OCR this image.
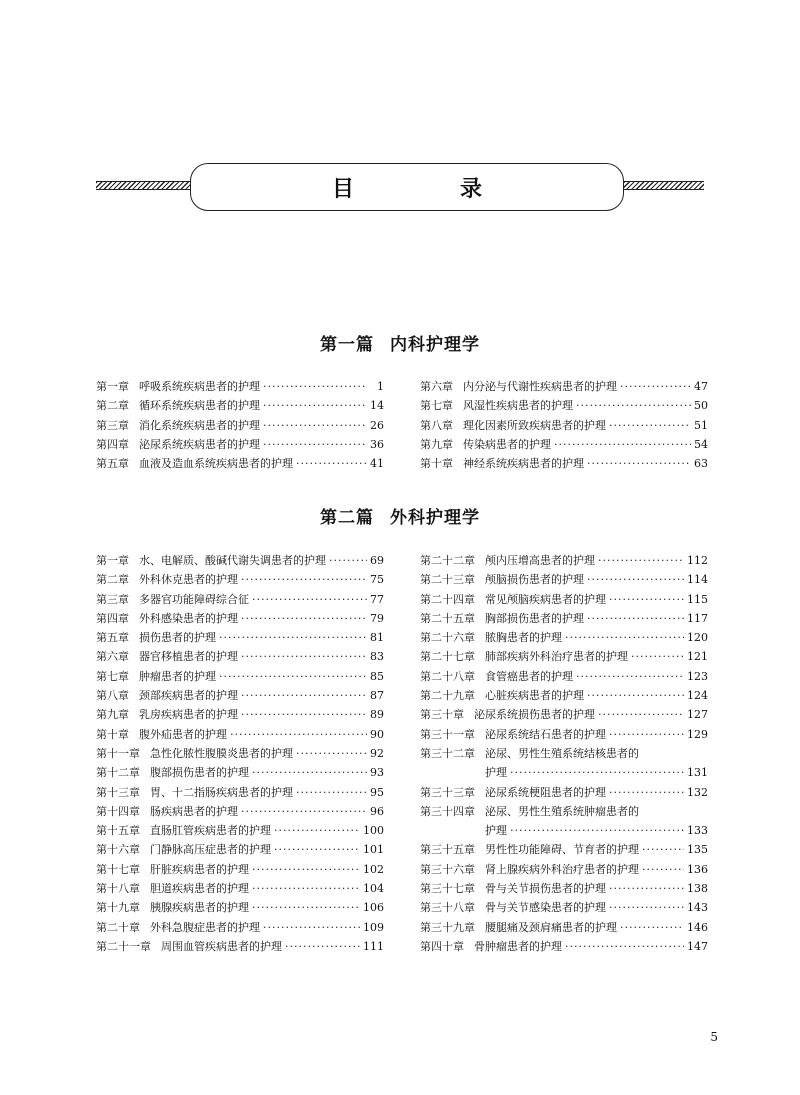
目　录
第一篇 内科护理学
第一章 呼吸系统疾病患者的护理 ·····	1
第二章 循环系统疾病患者的护理 ·····	14
第三章 消化系统疾病患者的护理 ·····	26
第四章 泌尿系统疾病患者的护理 ·····	36
第五章 血液及造血系统疾病患者的护理 ·····	41
第六章 内分泌与代谢性疾病患者的护理 ·····	47
第七章 风湿性疾病患者的护理 ·····	50
第八章 理化因素所致疾病患者的护理 ·····	51
第九章 传染病患者的护理 ·····	54
第十章 神经系统疾病患者的护理 ·····	63
第二篇 外科护理学
第一章 水、电解质、酸碱代谢失调患者的护理 ·····	69
第二章 外科休克患者的护理 ·····	75
第三章 多器官功能障碍综合征 ·····	77
第四章 外科感染患者的护理 ·····	79
第五章 损伤患者的护理 ·····	81
第六章 器官移植患者的护理 ·····	83
第七章 肿瘤患者的护理 ·····	85
第八章 颈部疾病患者的护理 ·····	87
第九章 乳房疾病患者的护理 ·····	89
第十章 腹外疝患者的护理 ·····	90
第十一章 急性化脓性腹膜炎患者的护理 ·····	92
第十二章 腹部损伤患者的护理 ·····	93
第十三章 胃、十二指肠疾病患者的护理 ·····	95
第十四章 肠疾病患者的护理 ·····	96
第十五章 直肠肛管疾病患者的护理 ·····	100
第十六章 门静脉高压症患者的护理 ·····	101
第十七章 肝脏疾病患者的护理 ·····	102
第十八章 胆道疾病患者的护理 ·····	104
第十九章 胰腺疾病患者的护理 ·····	106
第二十章 外科急腹症患者的护理 ·····	109
第二十一章 周围血管疾病患者的护理 ·····	111
第二十二章 颅内压增高患者的护理 ·····	112
第二十三章 颅脑损伤患者的护理 ·····	114
第二十四章 常见颅脑疾病患者的护理 ·····	115
第二十五章 胸部损伤患者的护理 ·····	117
第二十六章 脓胸患者的护理 ·····	120
第二十七章 肺部疾病外科治疗患者的护理 ·····	121
第二十八章 食管癌患者的护理 ·····	123
第二十九章 心脏疾病患者的护理 ·····	124
第三十章 泌尿系统损伤患者的护理 ·····	127
第三十一章 泌尿系统结石患者的护理 ·····	129
第三十二章 泌尿、男性生殖系统结核患者的
护理 ·····	131
第三十三章 泌尿系统梗阻患者的护理 ·····	132
第三十四章 泌尿、男性生殖系统肿瘤患者的
护理 ·····	133
第三十五章 男性性功能障碍、节育者的护理 ·····	135
第三十六章 肾上腺疾病外科治疗患者的护理 ·····	136
第三十七章 骨与关节损伤患者的护理 ·····	138
第三十八章 骨与关节感染患者的护理 ·····	143
第三十九章 腰腿痛及颈肩痛患者的护理 ·····	146
第四十章 骨肿瘤患者的护理 ·····	147
5
